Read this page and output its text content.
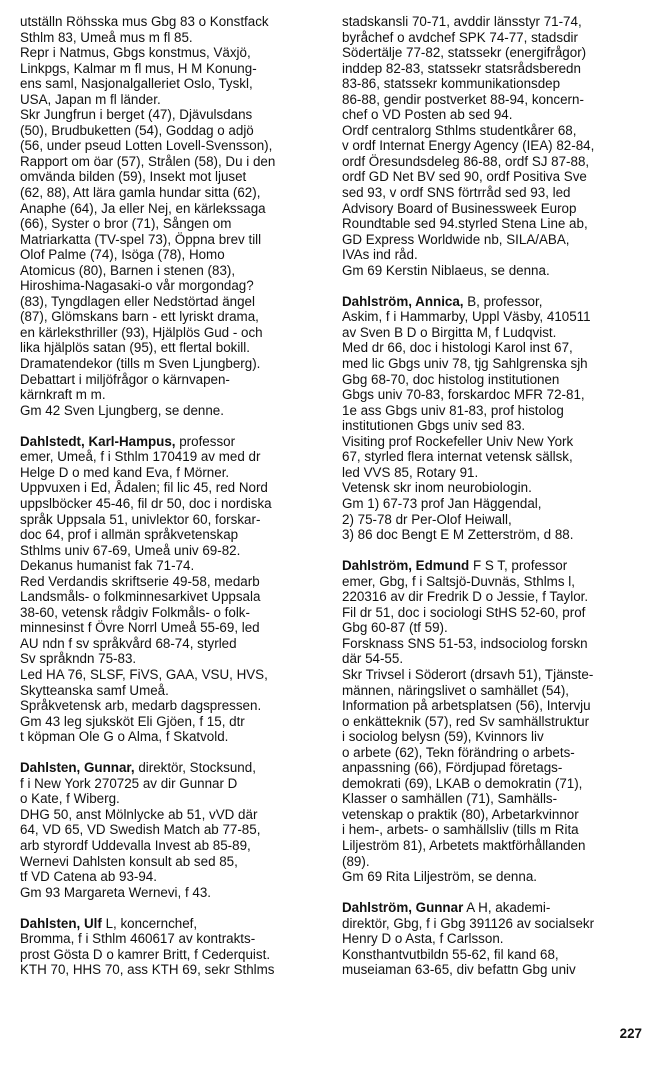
utställn Röhsska mus Gbg 83 o Konstfack
Sthlm 83, Umeå mus m fl 85.
Repr i Natmus, Gbgs konstmus, Växjö,
Linkpgs, Kalmar m fl mus, H M Konung-
ens saml, Nasjonalgalleriet Oslo, Tyskl,
USA, Japan m fl länder.
Skr Jungfrun i berget (47), Djävulsdans
(50), Brudbuketten (54), Goddag o adjö
(56, under pseud Lotten Lovell-Svensson),
Rapport om öar (57), Strålen (58), Du i den
omvända bilden (59), Insekt mot ljuset
(62, 88), Att lära gamla hundar sitta (62),
Anaphe (64), Ja eller Nej, en kärlekssaga
(66), Syster o bror (71), Sången om
Matriarkatta (TV-spel 73), Öppna brev till
Olof Palme (74), Isöga (78), Homo
Atomicus (80), Barnen i stenen (83),
Hiroshima-Nagasaki-o vår morgondag?
(83), Tyngdlagen eller Nedstörtad ängel
(87), Glömskans barn - ett lyriskt drama,
en kärleksthriller (93), Hjälplös Gud - och
lika hjälplös satan (95), ett flertal bokill.
Dramatendekor (tills m Sven Ljungberg).
Debattart i miljöfrågor o kärnvapen-
kärnkraft m m.
Gm 42 Sven Ljungberg, se denne.
Dahlstedt, Karl-Hampus, professor
emer, Umeå, f i Sthlm 170419 av med dr
Helge D o med kand Eva, f Mörner.
Uppvuxen i Ed, Ådalen; fil lic 45, red Nord
uppslböcker 45-46, fil dr 50, doc i nordiska
språk Uppsala 51, univlektor 60, forskar-
doc 64, prof i allmän språkvetenskap
Sthlms univ 67-69, Umeå univ 69-82.
Dekanus humanist fak 71-74.
Red Verdandis skriftserie 49-58, medarb
Landsmåls- o folkminnesarkivet Uppsala
38-60, vetensk rådgiv Folkmåls- o folk-
minnesinst f Övre Norrl Umeå 55-69, led
AU ndn f sv språkvård 68-74, styrled
Sv språkndn 75-83.
Led HA 76, SLSF, FiVS, GAA, VSU, HVS,
Skytteanska samf Umeå.
Språkvetensk arb, medarb dagspressen.
Gm 43 leg sjuksköt Eli Gjöen, f 15, dtr
t köpman Ole G o Alma, f Skatvold.
Dahlsten, Gunnar, direktör, Stocksund,
f i New York 270725 av dir Gunnar D
o Kate, f Wiberg.
DHG 50, anst Mölnlycke ab 51, vVD där
64, VD 65, VD Swedish Match ab 77-85,
arb styrordf Uddevalla Invest ab 85-89,
Wernevi Dahlsten konsult ab sed 85,
tf VD Catena ab 93-94.
Gm 93 Margareta Wernevi, f 43.
Dahlsten, Ulf L, koncernchef,
Bromma, f i Sthlm 460617 av kontrakts-
prost Gösta D o kamrer Britt, f Cederquist.
KTH 70, HHS 70, ass KTH 69, sekr Sthlms
stadskansli 70-71, avddir länsstyr 71-74,
byråchef o avdchef SPK 74-77, stadsdir
Södertälje 77-82, statssekr (energifrågor)
inddep 82-83, statssekr statsrådsberedn
83-86, statssekr kommunikationsdep
86-88, gendir postverket 88-94, koncern-
chef o VD Posten ab sed 94.
Ordf centralorg Sthlms studentkårer 68,
v ordf Internat Energy Agency (IEA) 82-84,
ordf Öresundsdeleg 86-88, ordf SJ 87-88,
ordf GD Net BV sed 90, ordf Positiva Sve
sed 93, v ordf SNS förtrråd sed 93, led
Advisory Board of Businessweek Europ
Roundtable sed 94.styrled Stena Line ab,
GD Express Worldwide nb, SILA/ABA,
IVAs ind råd.
Gm 69 Kerstin Niblaeus, se denna.
Dahlström, Annica, B, professor,
Askim, f i Hammarby, Uppl Väsby, 410511
av Sven B D o Birgitta M, f Ludqvist.
Med dr 66, doc i histologi Karol inst 67,
med lic Gbgs univ 78, tjg Sahlgrenska sjh
Gbg 68-70, doc histolog institutionen
Gbgs univ 70-83, forskardoc MFR 72-81,
1e ass Gbgs univ 81-83, prof histolog
institutionen Gbgs univ sed 83.
Visiting prof Rockefeller Univ New York
67, styrled flera internat vetensk sällsk,
led VVS 85, Rotary 91.
Vetensk skr inom neurobiologin.
Gm 1) 67-73 prof Jan Häggendal,
2) 75-78 dr Per-Olof Heiwall,
3) 86 doc Bengt E M Zetterström, d 88.
Dahlström, Edmund F S T, professor
emer, Gbg, f i Saltsjö-Duvnäs, Sthlms l,
220316 av dir Fredrik D o Jessie, f Taylor.
Fil dr 51, doc i sociologi StHS 52-60, prof
Gbg 60-87 (tf 59).
Forsknass SNS 51-53, indsociolog forskn
där 54-55.
Skr Trivsel i Söderort (drsavh 51), Tjänste-
männen, näringslivet o samhället (54),
Information på arbetsplatsen (56), Intervju
o enkätteknik (57), red Sv samhällstruktur
i sociolog belysn (59), Kvinnors liv
o arbete (62), Tekn förändring o arbets-
anpassning (66), Fördjupad företags-
demokrati (69), LKAB o demokratin (71),
Klasser o samhällen (71), Samhälls-
vetenskap o praktik (80), Arbetarkvinnor
i hem-, arbets- o samhällsliv (tills m Rita
Liljeström 81), Arbetets maktförhållanden
(89).
Gm 69 Rita Liljeström, se denna.
Dahlström, Gunnar A H, akademi-
direktör, Gbg, f i Gbg 391126 av socialsekr
Henry D o Asta, f Carlsson.
Konsthantvutbildn 55-62, fil kand 68,
museiaman 63-65, div befattn Gbg univ
227
